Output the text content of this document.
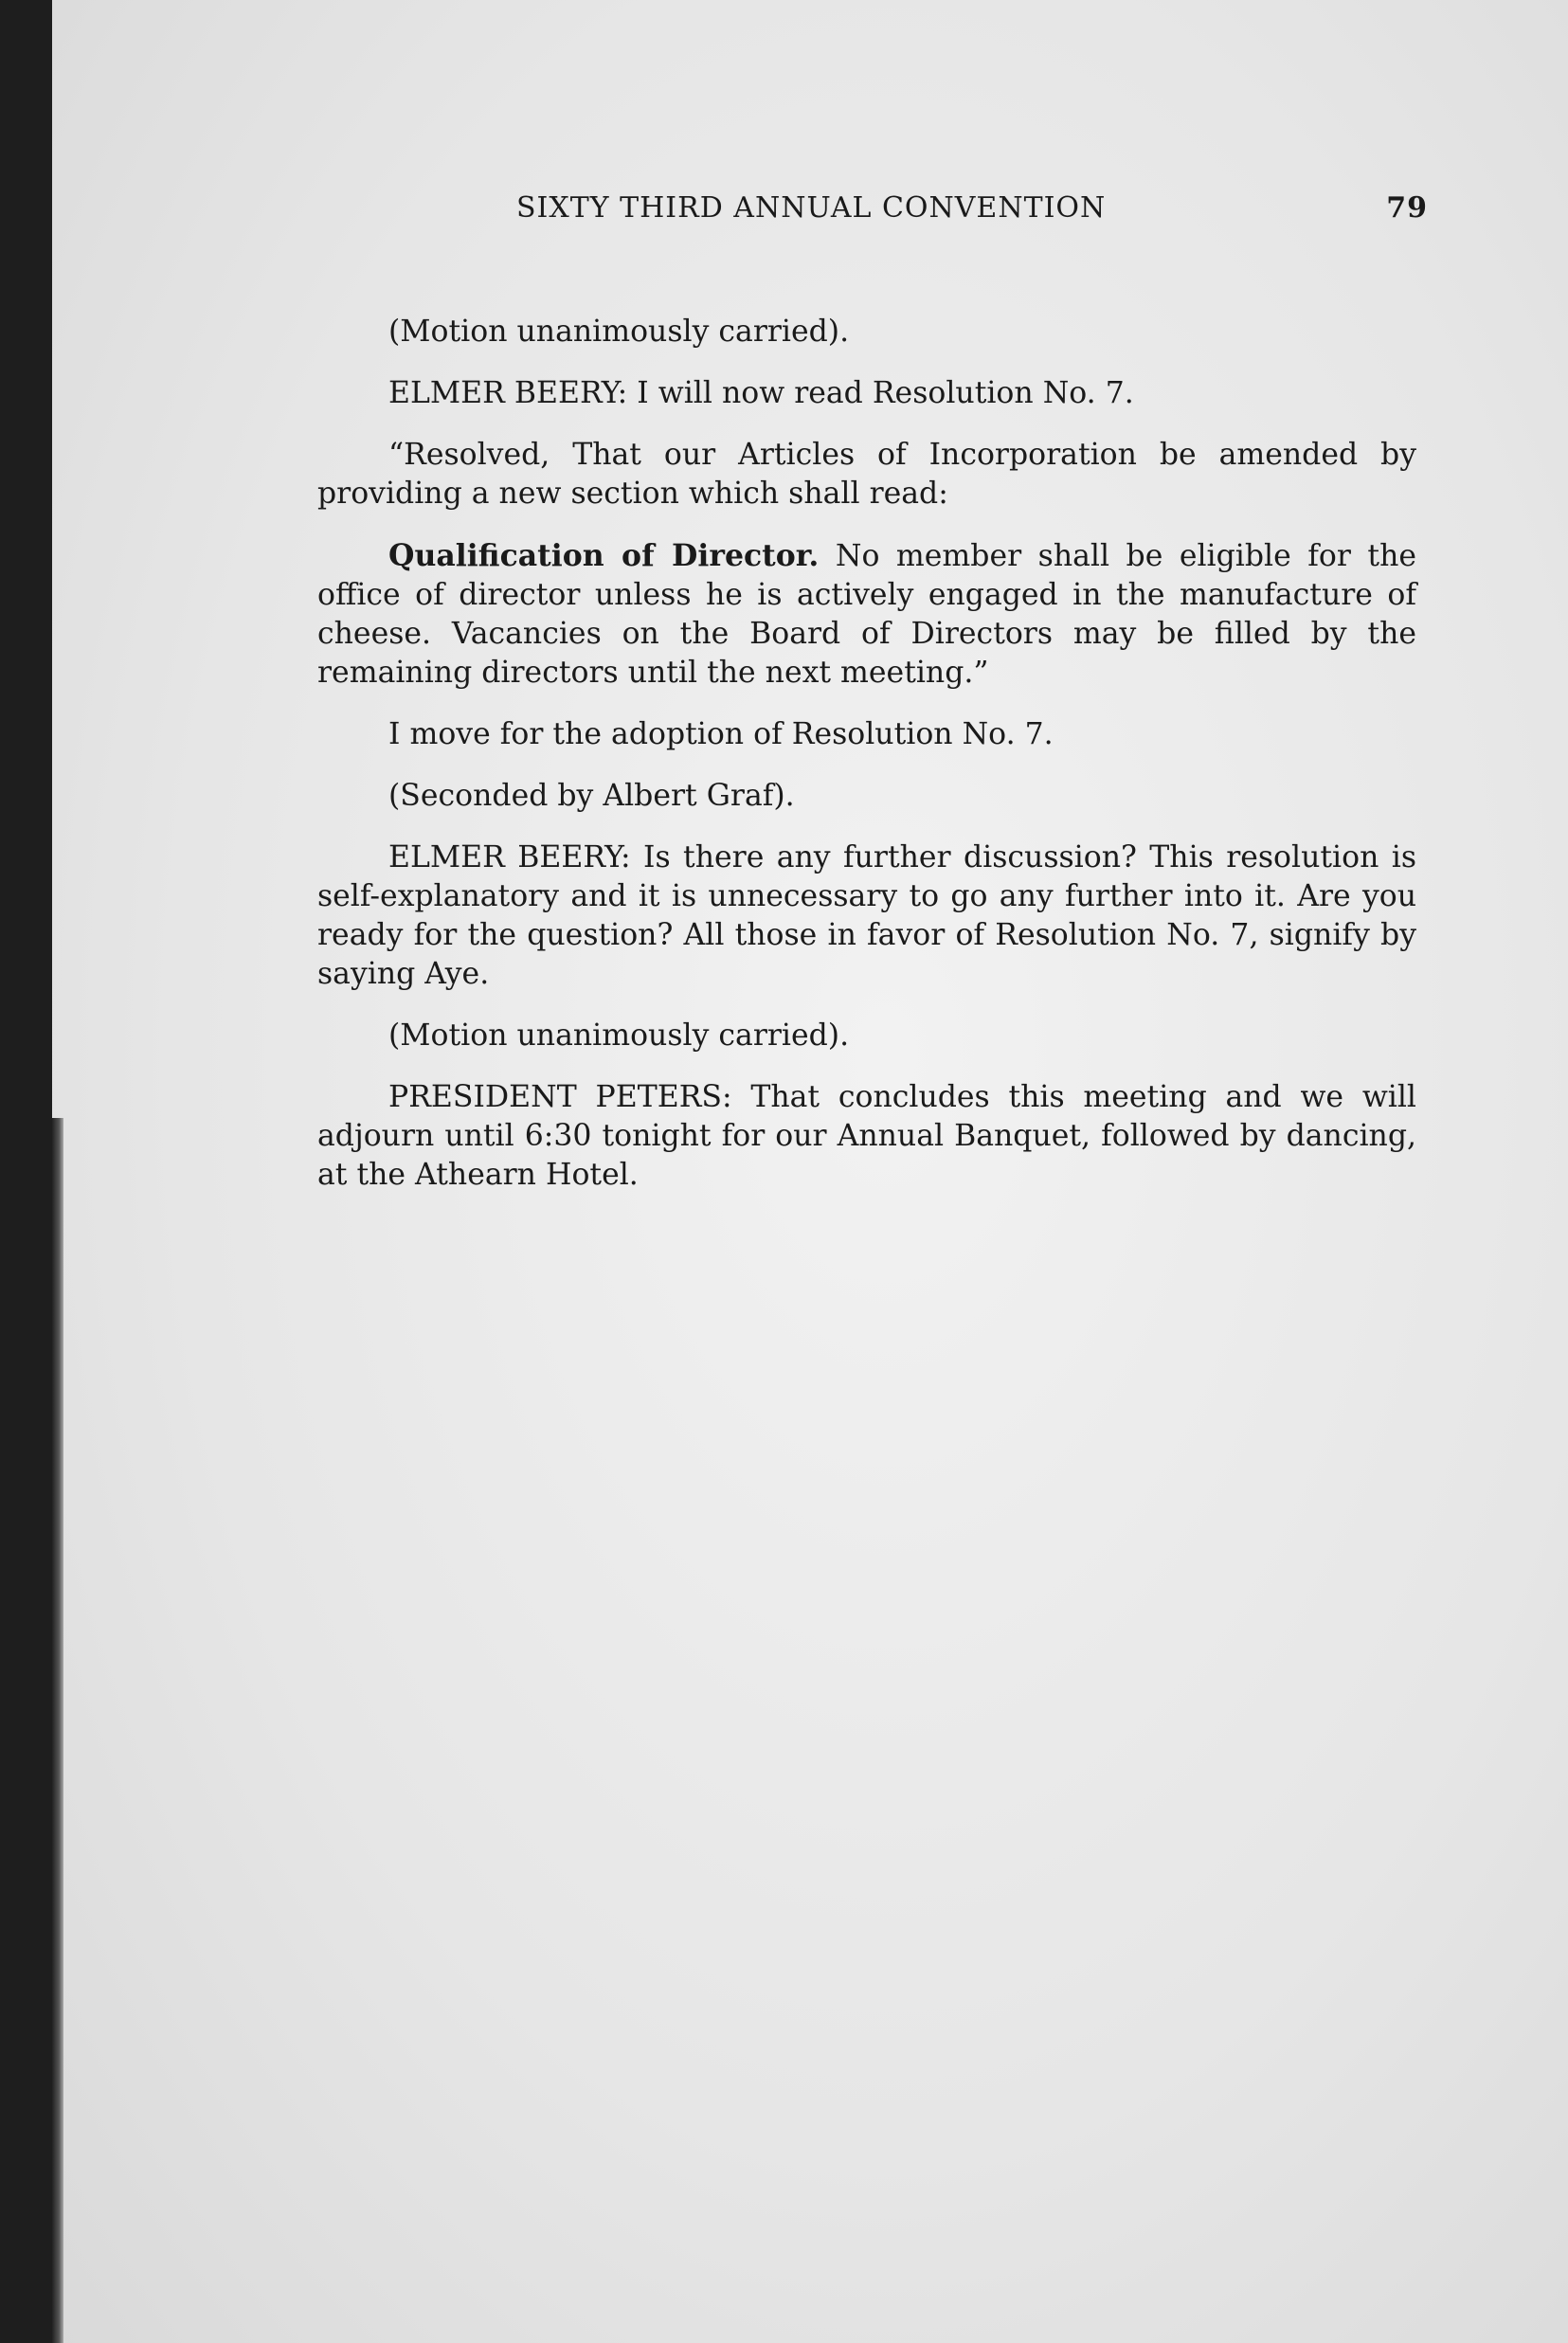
SIXTY THIRD ANNUAL CONVENTION	79

(Motion unanimously carried).

ELMER BEERY: I will now read Resolution No. 7.

“Resolved, That our Articles of Incorporation be amended by providing a new section which shall read:

Qualification of Director. No member shall be eligible for the office of director unless he is actively engaged in the manufacture of cheese. Vacancies on the Board of Directors may be filled by the remaining directors until the next meeting.”

I move for the adoption of Resolution No. 7.

(Seconded by Albert Graf).

ELMER BEERY: Is there any further discussion? This resolution is self-explanatory and it is unnecessary to go any further into it. Are you ready for the question? All those in favor of Resolution No. 7, signify by saying Aye.

(Motion unanimously carried).

PRESIDENT PETERS: That concludes this meeting and we will adjourn until 6:30 tonight for our Annual Banquet, followed by dancing, at the Athearn Hotel.
